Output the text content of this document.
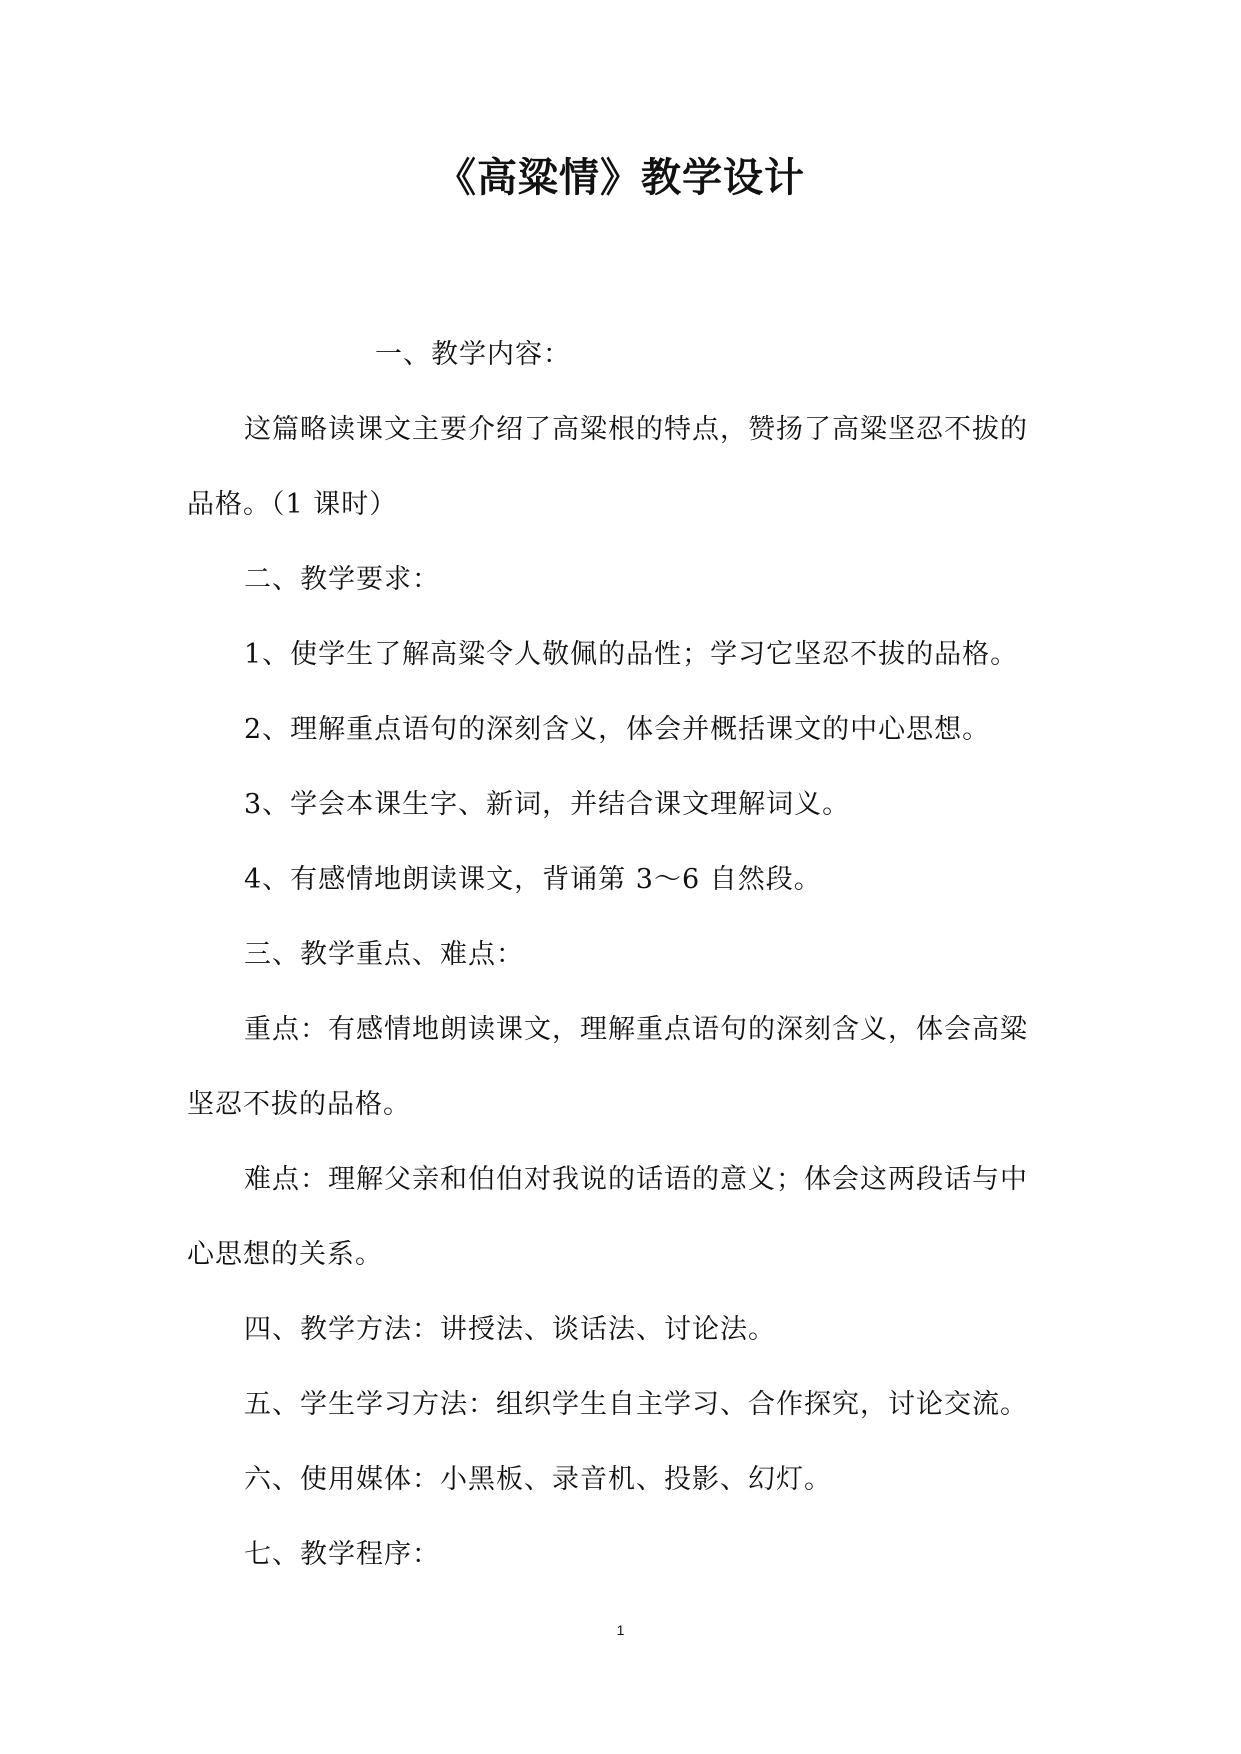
《高粱情》教学设计
一、教学内容：
这篇略读课文主要介绍了高粱根的特点，赞扬了高粱坚忍不拔的
品格。（1 课时）
二、教学要求：
1、使学生了解高粱令人敬佩的品性；学习它坚忍不拔的品格。
2、理解重点语句的深刻含义，体会并概括课文的中心思想。
3、学会本课生字、新词，并结合课文理解词义。
4、有感情地朗读课文，背诵第 3～6 自然段。
三、教学重点、难点：
重点：有感情地朗读课文，理解重点语句的深刻含义，体会高粱
坚忍不拔的品格。
难点：理解父亲和伯伯对我说的话语的意义；体会这两段话与中
心思想的关系。
四、教学方法：讲授法、谈话法、讨论法。
五、学生学习方法：组织学生自主学习、合作探究，讨论交流。
六、使用媒体：小黑板、录音机、投影、幻灯。
七、教学程序：
1
